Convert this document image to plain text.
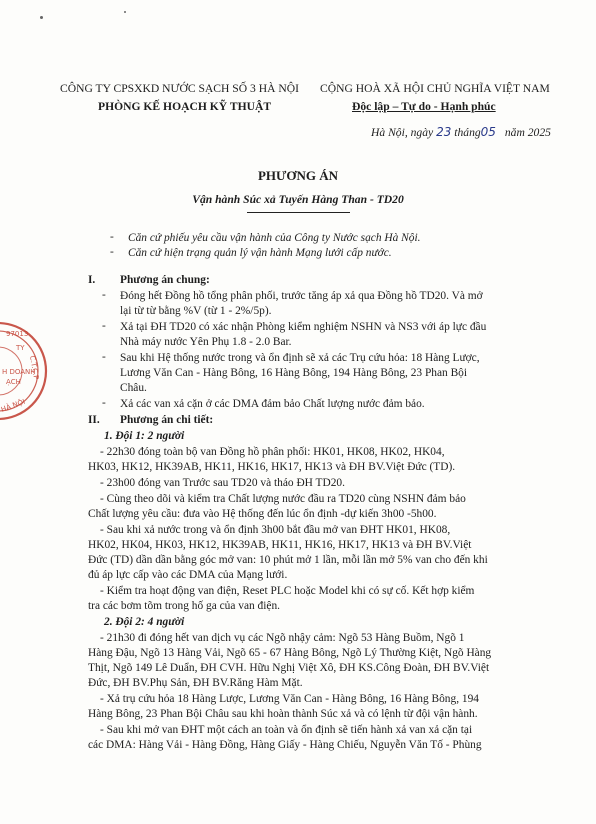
CÔNG TY CPSXKD NƯỚC SẠCH SỐ 3 HÀ NỘI
PHÒNG KẾ HOẠCH KỸ THUẬT
CỘNG HOÀ XÃ HỘI CHỦ NGHĨA VIỆT NAM
Độc lập – Tự do - Hạnh phúc
Hà Nội, ngày 23 tháng05 năm 2025
PHƯƠNG ÁN
Vận hành Súc xả Tuyến Hàng Than - TD20
- Căn cứ phiếu yêu cầu vận hành của Công ty Nước sạch Hà Nội.
- Căn cứ hiện trạng quản lý vận hành Mạng lưới cấp nước.
I. Phương án chung:
- Đóng hết Đồng hồ tổng phân phối, trước tăng áp xả qua Đồng hồ TD20. Và mở
lại từ từ bằng %V (từ 1 - 2%/5p).
- Xả tại ĐH TD20 có xác nhận Phòng kiểm nghiệm NSHN và NS3 với áp lực đầu
Nhà máy nước Yên Phụ 1.8 - 2.0 Bar.
- Sau khi Hệ thống nước trong và ổn định sẽ xả các Trụ cứu hỏa: 18 Hàng Lược,
Lương Văn Can - Hàng Bông, 16 Hàng Bông, 194 Hàng Bông, 23 Phan Bội
Châu.
- Xả các van xả cặn ở các DMA đảm bảo Chất lượng nước đảm bảo.
II. Phương án chi tiết:
1. Đội 1: 2 người
- 22h30 đóng toàn bộ van Đồng hồ phân phối: HK01, HK08, HK02, HK04,
HK03, HK12, HK39AB, HK11, HK16, HK17, HK13 và ĐH BV.Việt Đức (TD).
- 23h00 đóng van Trước sau TD20 và tháo ĐH TD20.
- Cùng theo dõi và kiểm tra Chất lượng nước đầu ra TD20 cùng NSHN đảm bảo
Chất lượng yêu cầu: đưa vào Hệ thống đến lúc ổn định -dự kiến 3h00 -5h00.
- Sau khi xả nước trong và ổn định 3h00 bắt đầu mở van ĐHT HK01, HK08,
HK02, HK04, HK03, HK12, HK39AB, HK11, HK16, HK17, HK13 và ĐH BV.Việt
Đức (TD) dần dần bằng góc mở van: 10 phút mở 1 lần, mỗi lần mở 5% van cho đến khi
đủ áp lực cấp vào các DMA của Mạng lưới.
- Kiểm tra hoạt động van điện, Reset PLC hoặc Model khi có sự cố. Kết hợp kiểm
tra các bơm tõm trong hố ga của van điện.
2. Đội 2: 4 người
- 21h30 đi đóng hết van dịch vụ các Ngõ nhậy cảm: Ngõ 53 Hàng Buồm, Ngõ 1
Hàng Đậu, Ngõ 13 Hàng Vải, Ngõ 65 - 67 Hàng Bông, Ngõ Lý Thường Kiệt, Ngõ Hàng
Thịt, Ngõ 149 Lê Duẩn, ĐH CVH. Hữu Nghị Việt Xô, ĐH KS.Công Đoàn, ĐH BV.Việt
Đức, ĐH BV.Phụ Sản, ĐH BV.Răng Hàm Mặt.
- Xả trụ cứu hỏa 18 Hàng Lược, Lương Văn Can - Hàng Bông, 16 Hàng Bông, 194
Hàng Bông, 23 Phan Bội Châu sau khi hoàn thành Súc xả và có lệnh từ đội vận hành.
- Sau khi mở van ĐHT một cách an toàn và ổn định sẽ tiến hành xả van xả cặn tại
các DMA: Hàng Vải - Hàng Đồng, Hàng Giấy - Hàng Chiếu, Nguyễn Văn Tố - Phùng
97013
TY
C.T.C.P
H DOANH
ẠCH
HÀ NỘI
